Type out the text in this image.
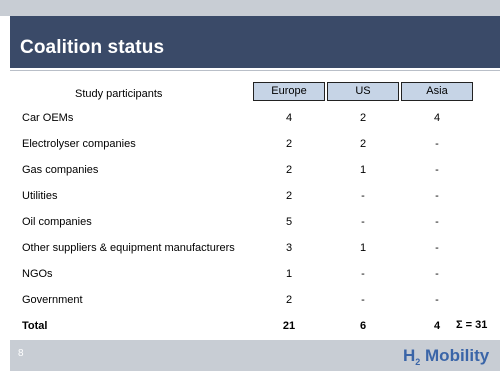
Coalition status
Study participants	Europe	US	Asia
Car OEMs	4	2	4
Electrolyser companies	2	2	-
Gas companies	2	1	-
Utilities	2	-	-
Oil companies	5	-	-
Other suppliers & equipment manufacturers	3	1	-
NGOs	1	-	-
Government	2	-	-
Total	21	6	4	Σ = 31
8	$H_2$ Mobility
